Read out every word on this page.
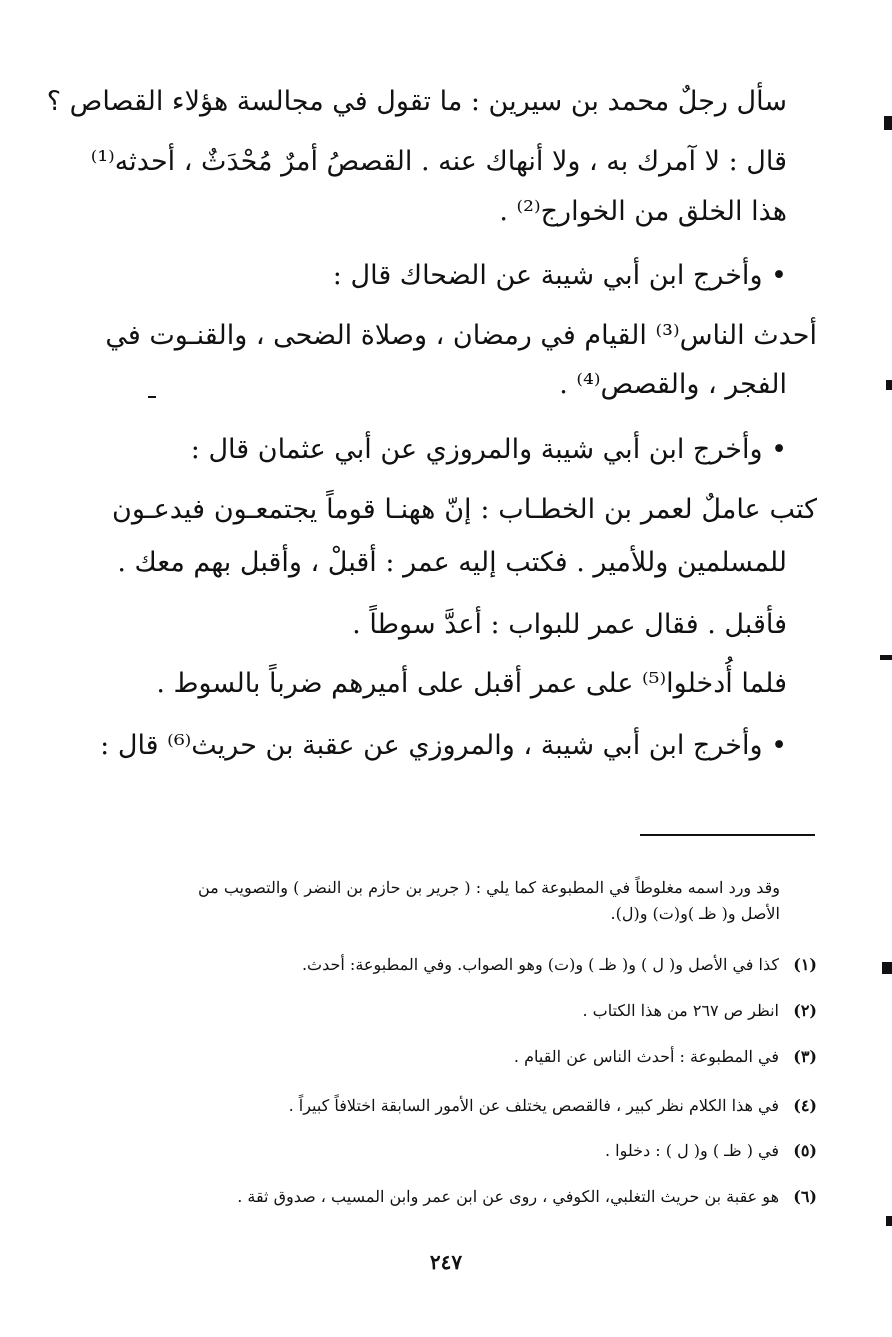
سأل رجلٌ محمد بن سيرين : ما تقول في مجالسة هؤلاء القصاص ؟
قال : لا آمرك به ، ولا أنهاك عنه . القصصُ أمرٌ مُحْدَثٌ ، أحدثه⁽¹⁾
هذا الخلق من الخوارج⁽²⁾ .
• وأخرج ابن أبي شيبة عن الضحاك قال :
أحدث الناس⁽³⁾ القيام في رمضان ، وصلاة الضحى ، والقنـوت في
الفجر ، والقصص⁽⁴⁾ .
• وأخرج ابن أبي شيبة والمروزي عن أبي عثمان قال :
كتب عاملٌ لعمر بن الخطـاب : إنّ ههنـا قوماً يجتمعـون فيدعـون
للمسلمين وللأمير . فكتب إليه عمر : أقبلْ ، وأقبل بهم معك .
فأقبل . فقال عمر للبواب : أعدَّ سوطاً .
فلما أُدخلوا⁽⁵⁾ على عمر أقبل على أميرهم ضرباً بالسوط .
• وأخرج ابن أبي شيبة ، والمروزي عن عقبة بن حريث⁽⁶⁾ قال :
وقد ورد اسمه مغلوطاً في المطبوعة كما يلي : ( جرير بن حازم بن النضر ) والتصويب من
الأصل و( ظـ )و(ت) و(ل).
(١)كذا في الأصل و( ل ) و( ظـ ) و(ت) وهو الصواب. وفي المطبوعة: أحدث.
(٢)انظر ص ٢٦٧ من هذا الكتاب .
(٣)في المطبوعة : أحدث الناس عن القيام .
(٤)في هذا الكلام نظر كبير ، فالقصص يختلف عن الأمور السابقة اختلافاً كبيراً .
(٥)في ( ظـ ) و( ل ) : دخلوا .
(٦)هو عقبة بن حريث التغلبي، الكوفي ، روى عن ابن عمر وابن المسيب ، صدوق ثقة .
٢٤٧
